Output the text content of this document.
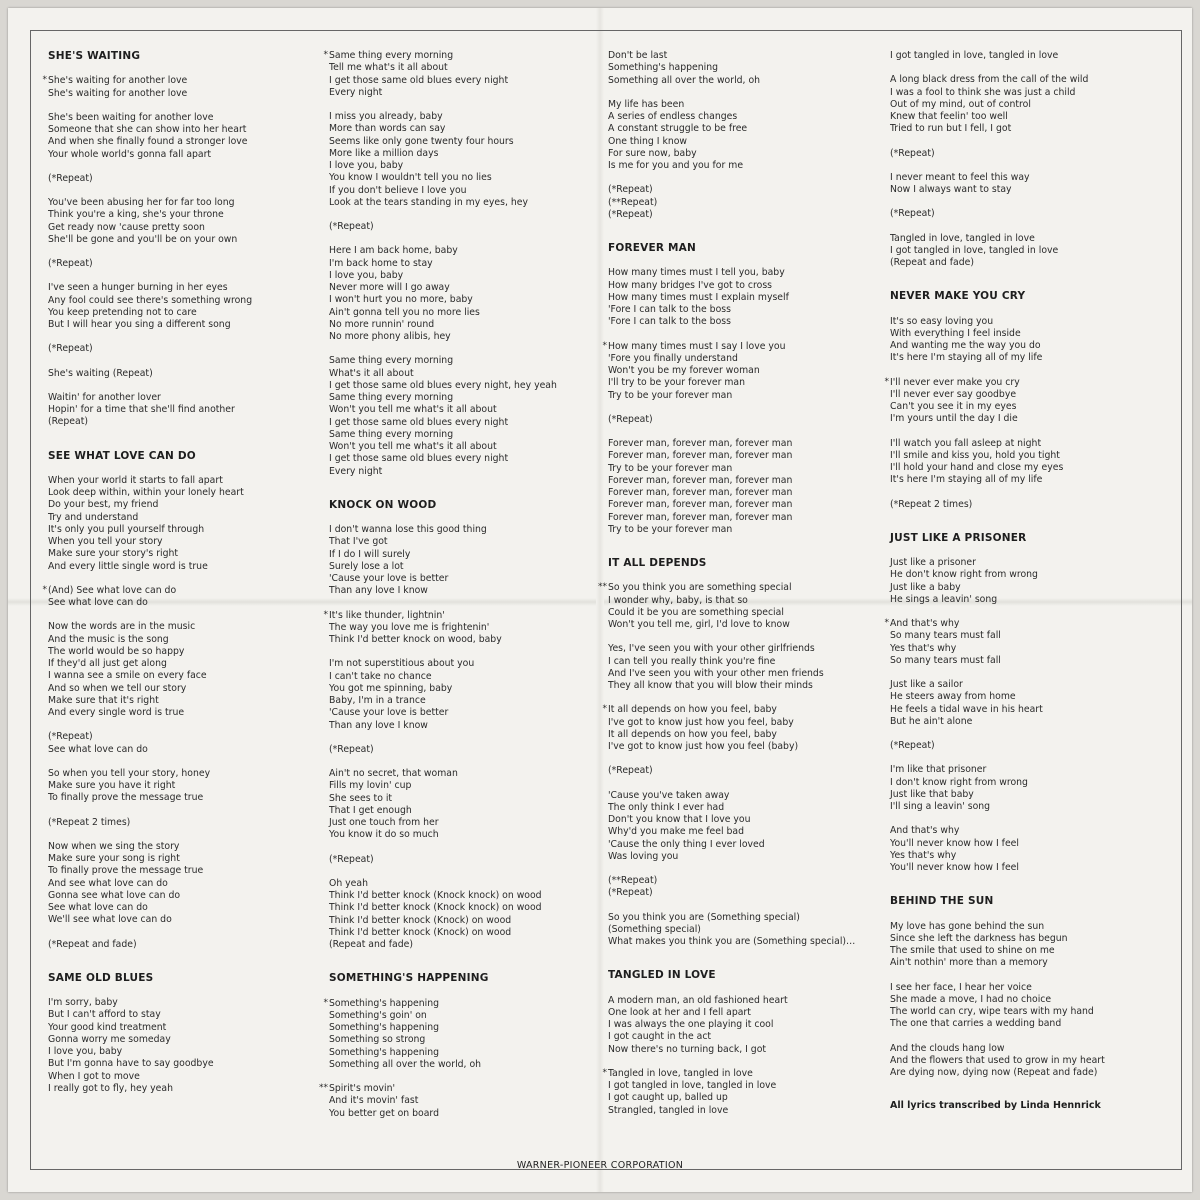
SHE'S WAITING
* She's waiting for another love
She's waiting for another love
She's been waiting for another love
Someone that she can show into her heart
And when she finally found a stronger love
Your whole world's gonna fall apart
(*Repeat)
You've been abusing her for far too long
Think you're a king, she's your throne
Get ready now 'cause pretty soon
She'll be gone and you'll be on your own
(*Repeat)
I've seen a hunger burning in her eyes
Any fool could see there's something wrong
You keep pretending not to care
But I will hear you sing a different song
(*Repeat)
She's waiting (Repeat)
Waitin' for another lover
Hopin' for a time that she'll find another
(Repeat)
SEE WHAT LOVE CAN DO
When your world it starts to fall apart
Look deep within, within your lonely heart
Do your best, my friend
Try and understand
It's only you pull yourself through
When you tell your story
Make sure your story's right
And every little single word is true
* (And) See what love can do
See what love can do
Now the words are in the music
And the music is the song
The world would be so happy
If they'd all just get along
I wanna see a smile on every face
And so when we tell our story
Make sure that it's right
And every single word is true
(*Repeat)
See what love can do
So when you tell your story, honey
Make sure you have it right
To finally prove the message true
(*Repeat 2 times)
Now when we sing the story
Make sure your song is right
To finally prove the message true
And see what love can do
Gonna see what love can do
See what love can do
We'll see what love can do
(*Repeat and fade)
SAME OLD BLUES
I'm sorry, baby
But I can't afford to stay
Your good kind treatment
Gonna worry me someday
I love you, baby
But I'm gonna have to say goodbye
When I got to move
I really got to fly, hey yeah
* Same thing every morning
Tell me what's it all about
I get those same old blues every night
Every night
I miss you already, baby
More than words can say
Seems like only gone twenty four hours
More like a million days
I love you, baby
You know I wouldn't tell you no lies
If you don't believe I love you
Look at the tears standing in my eyes, hey
(*Repeat)
Here I am back home, baby
I'm back home to stay
I love you, baby
Never more will I go away
I won't hurt you no more, baby
Ain't gonna tell you no more lies
No more runnin' round
No more phony alibis, hey
Same thing every morning
What's it all about
I get those same old blues every night, hey yeah
Same thing every morning
Won't you tell me what's it all about
I get those same old blues every night
Same thing every morning
Won't you tell me what's it all about
I get those same old blues every night
Every night
KNOCK ON WOOD
I don't wanna lose this good thing
That I've got
If I do I will surely
Surely lose a lot
'Cause your love is better
Than any love I know
* It's like thunder, lightnin'
The way you love me is frightenin'
Think I'd better knock on wood, baby
I'm not superstitious about you
I can't take no chance
You got me spinning, baby
Baby, I'm in a trance
'Cause your love is better
Than any love I know
(*Repeat)
Ain't no secret, that woman
Fills my lovin' cup
She sees to it
That I get enough
Just one touch from her
You know it do so much
(*Repeat)
Oh yeah
Think I'd better knock (Knock knock) on wood
Think I'd better knock (Knock knock) on wood
Think I'd better knock (Knock) on wood
Think I'd better knock (Knock) on wood
(Repeat and fade)
SOMETHING'S HAPPENING
* Something's happening
Something's goin' on
Something's happening
Something so strong
Something's happening
Something all over the world, oh
** Spirit's movin'
And it's movin' fast
You better get on board
Don't be last
Something's happening
Something all over the world, oh
My life has been
A series of endless changes
A constant struggle to be free
One thing I know
For sure now, baby
Is me for you and you for me
(*Repeat)
(**Repeat)
(*Repeat)
FOREVER MAN
How many times must I tell you, baby
How many bridges I've got to cross
How many times must I explain myself
'Fore I can talk to the boss
'Fore I can talk to the boss
* How many times must I say I love you
'Fore you finally understand
Won't you be my forever woman
I'll try to be your forever man
Try to be your forever man
(*Repeat)
Forever man, forever man, forever man
Forever man, forever man, forever man
Try to be your forever man
Forever man, forever man, forever man
Forever man, forever man, forever man
Forever man, forever man, forever man
Forever man, forever man, forever man
Try to be your forever man
IT ALL DEPENDS
** So you think you are something special
I wonder why, baby, is that so
Could it be you are something special
Won't you tell me, girl, I'd love to know
Yes, I've seen you with your other girlfriends
I can tell you really think you're fine
And I've seen you with your other men friends
They all know that you will blow their minds
* It all depends on how you feel, baby
I've got to know just how you feel, baby
It all depends on how you feel, baby
I've got to know just how you feel (baby)
(*Repeat)
'Cause you've taken away
The only think I ever had
Don't you know that I love you
Why'd you make me feel bad
'Cause the only thing I ever loved
Was loving you
(**Repeat)
(*Repeat)
So you think you are (Something special)
(Something special)
What makes you think you are (Something special)…
TANGLED IN LOVE
A modern man, an old fashioned heart
One look at her and I fell apart
I was always the one playing it cool
I got caught in the act
Now there's no turning back, I got
* Tangled in love, tangled in love
I got tangled in love, tangled in love
I got caught up, balled up
Strangled, tangled in love
I got tangled in love, tangled in love
A long black dress from the call of the wild
I was a fool to think she was just a child
Out of my mind, out of control
Knew that feelin' too well
Tried to run but I fell, I got
(*Repeat)
I never meant to feel this way
Now I always want to stay
(*Repeat)
Tangled in love, tangled in love
I got tangled in love, tangled in love
(Repeat and fade)
NEVER MAKE YOU CRY
It's so easy loving you
With everything I feel inside
And wanting me the way you do
It's here I'm staying all of my life
* I'll never ever make you cry
I'll never ever say goodbye
Can't you see it in my eyes
I'm yours until the day I die
I'll watch you fall asleep at night
I'll smile and kiss you, hold you tight
I'll hold your hand and close my eyes
It's here I'm staying all of my life
(*Repeat 2 times)
JUST LIKE A PRISONER
Just like a prisoner
He don't know right from wrong
Just like a baby
He sings a leavin' song
* And that's why
So many tears must fall
Yes that's why
So many tears must fall
Just like a sailor
He steers away from home
He feels a tidal wave in his heart
But he ain't alone
(*Repeat)
I'm like that prisoner
I don't know right from wrong
Just like that baby
I'll sing a leavin' song
And that's why
You'll never know how I feel
Yes that's why
You'll never know how I feel
BEHIND THE SUN
My love has gone behind the sun
Since she left the darkness has begun
The smile that used to shine on me
Ain't nothin' more than a memory
I see her face, I hear her voice
She made a move, I had no choice
The world can cry, wipe tears with my hand
The one that carries a wedding band
And the clouds hang low
And the flowers that used to grow in my heart
Are dying now, dying now (Repeat and fade)
All lyrics transcribed by Linda Hennrick
WARNER-PIONEER CORPORATION
